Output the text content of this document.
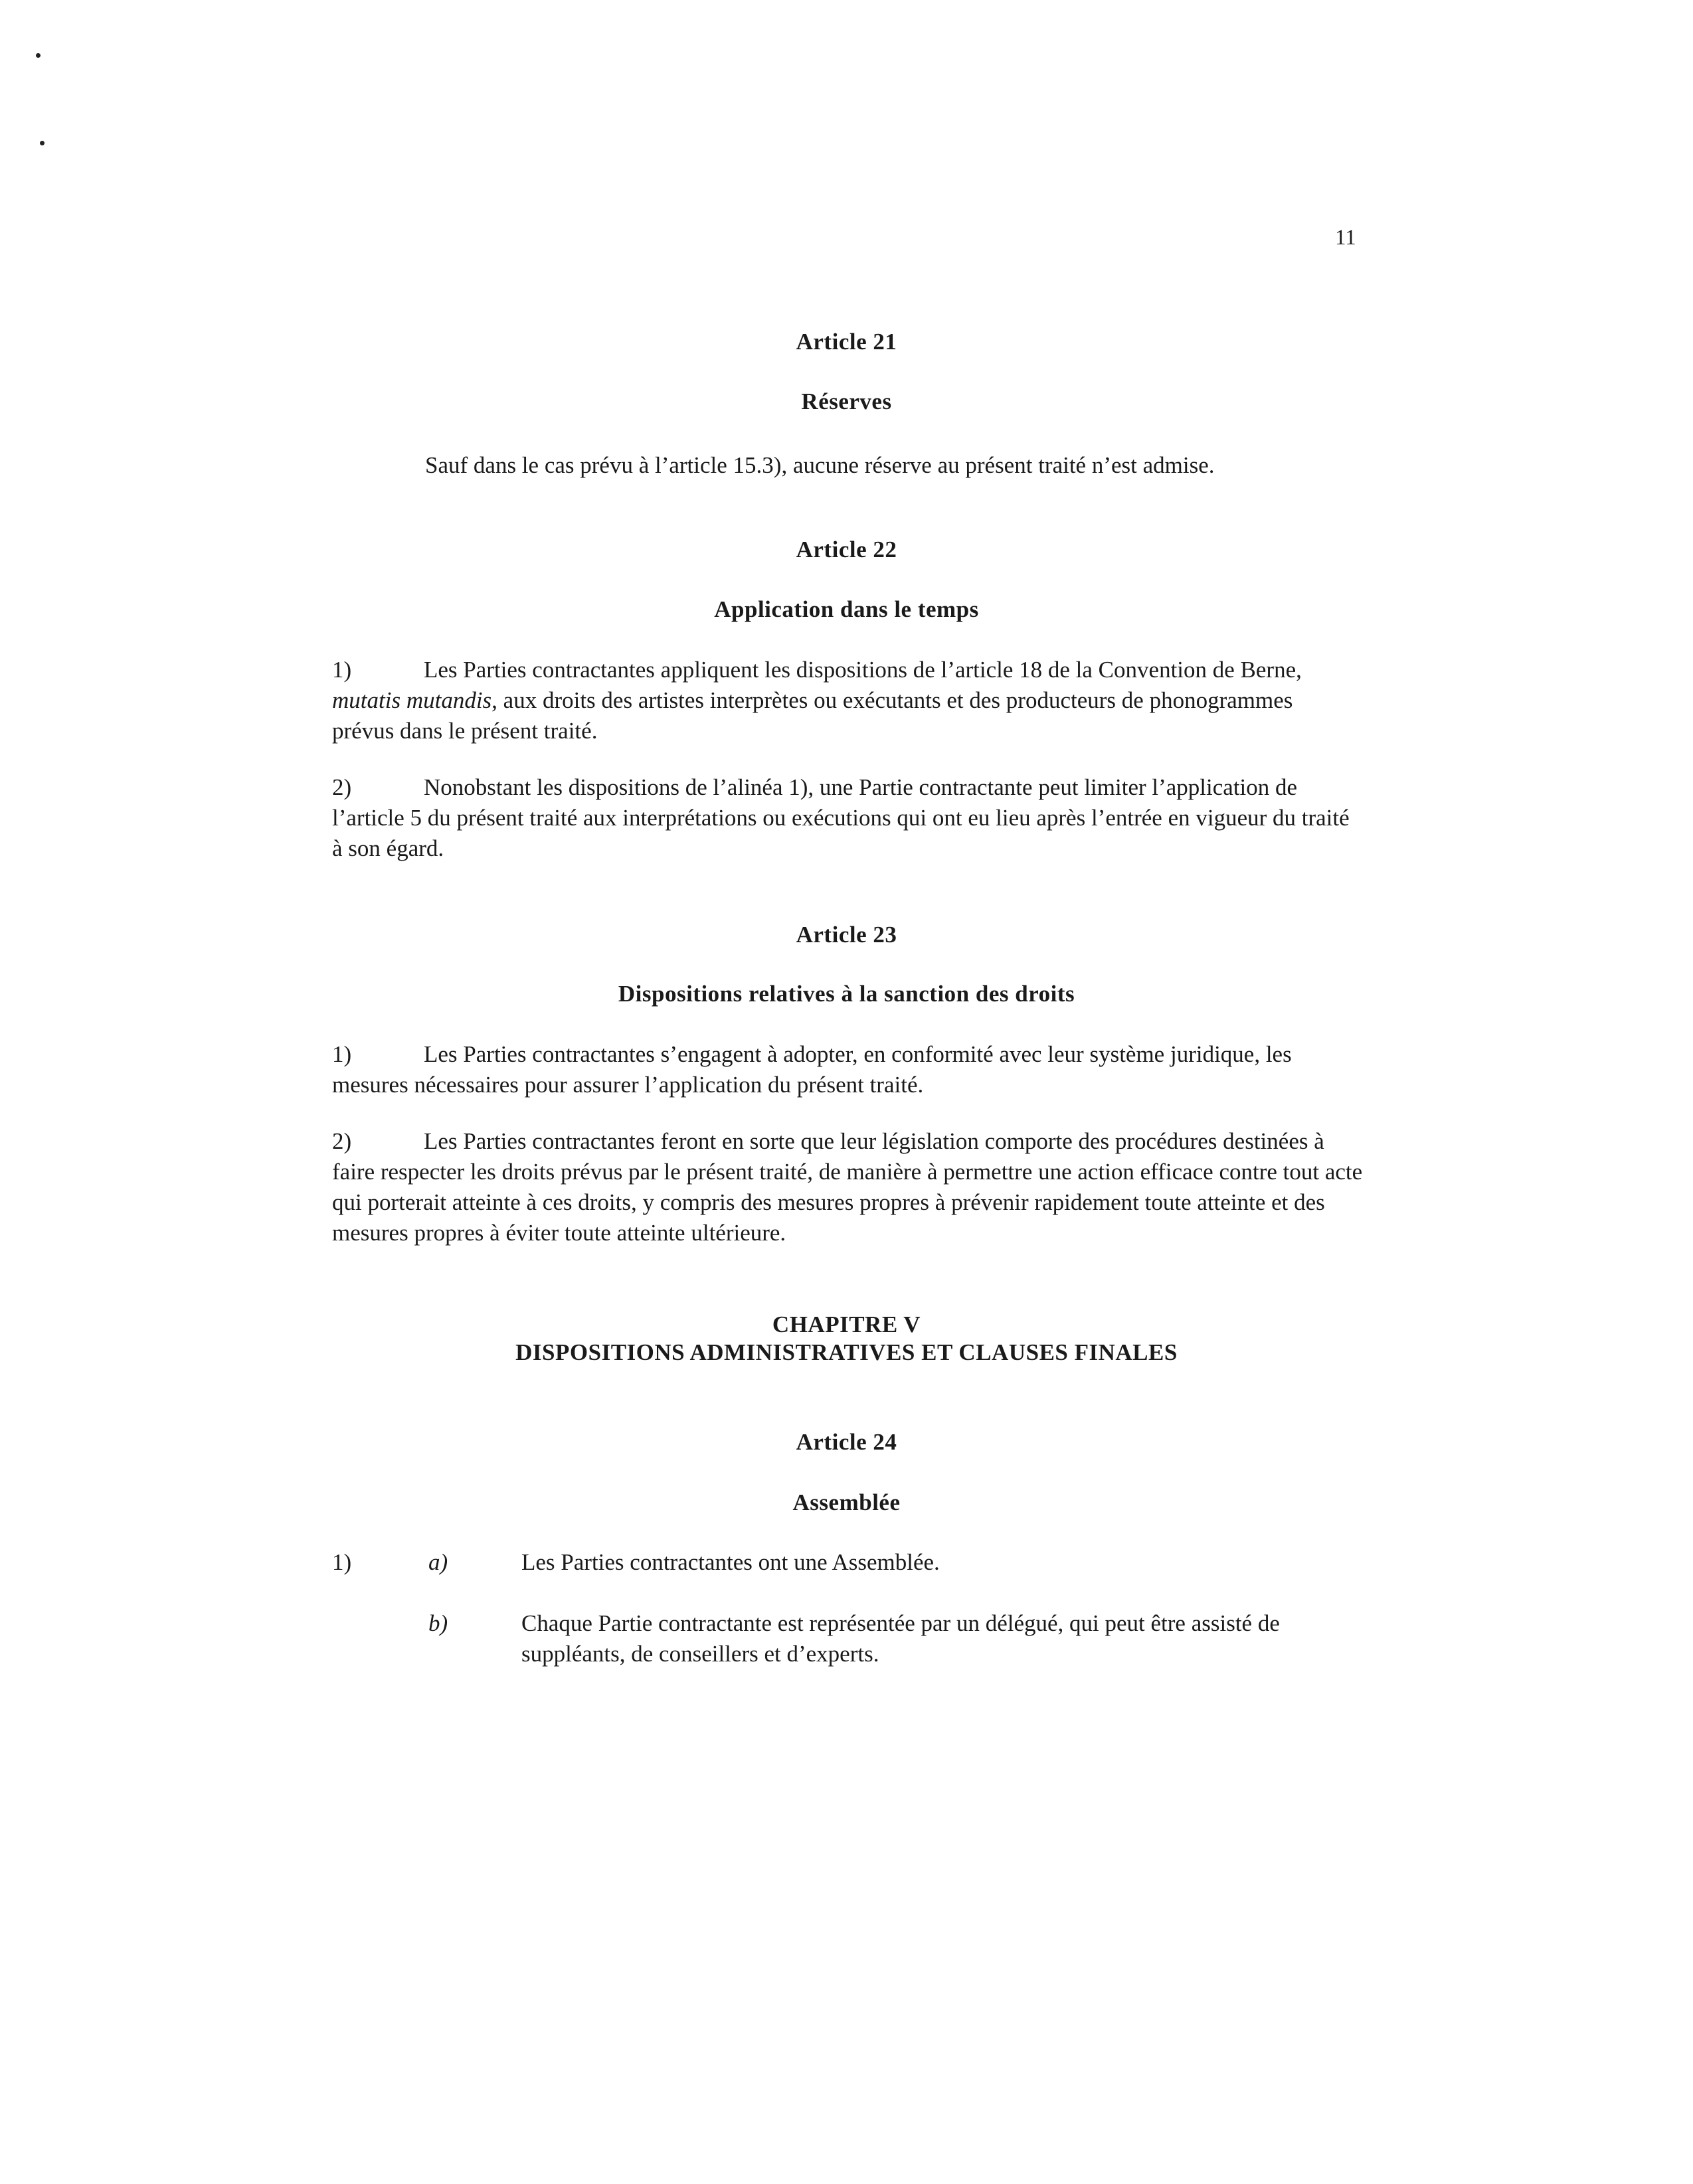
11
Article 21
Réserves

Sauf dans le cas prévu à l’article 15.3), aucune réserve au présent traité n’est admise.

Article 22
Application dans le temps

1)	Les Parties contractantes appliquent les dispositions de l’article 18 de la Convention de Berne, mutatis mutandis, aux droits des artistes interprètes ou exécutants et des producteurs de phonogrammes prévus dans le présent traité.

2)	Nonobstant les dispositions de l’alinéa 1), une Partie contractante peut limiter l’application de l’article 5 du présent traité aux interprétations ou exécutions qui ont eu lieu après l’entrée en vigueur du traité à son égard.

Article 23
Dispositions relatives à la sanction des droits

1)	Les Parties contractantes s’engagent à adopter, en conformité avec leur système juridique, les mesures nécessaires pour assurer l’application du présent traité.

2)	Les Parties contractantes feront en sorte que leur législation comporte des procédures destinées à faire respecter les droits prévus par le présent traité, de manière à permettre une action efficace contre tout acte qui porterait atteinte à ces droits, y compris des mesures propres à prévenir rapidement toute atteinte et des mesures propres à éviter toute atteinte ultérieure.

CHAPITRE V
DISPOSITIONS ADMINISTRATIVES ET CLAUSES FINALES
Article 24
Assemblée
1)	a)	Les Parties contractantes ont une Assemblée.
b)	Chaque Partie contractante est représentée par un délégué, qui peut être assisté de suppléants, de conseillers et d’experts.
